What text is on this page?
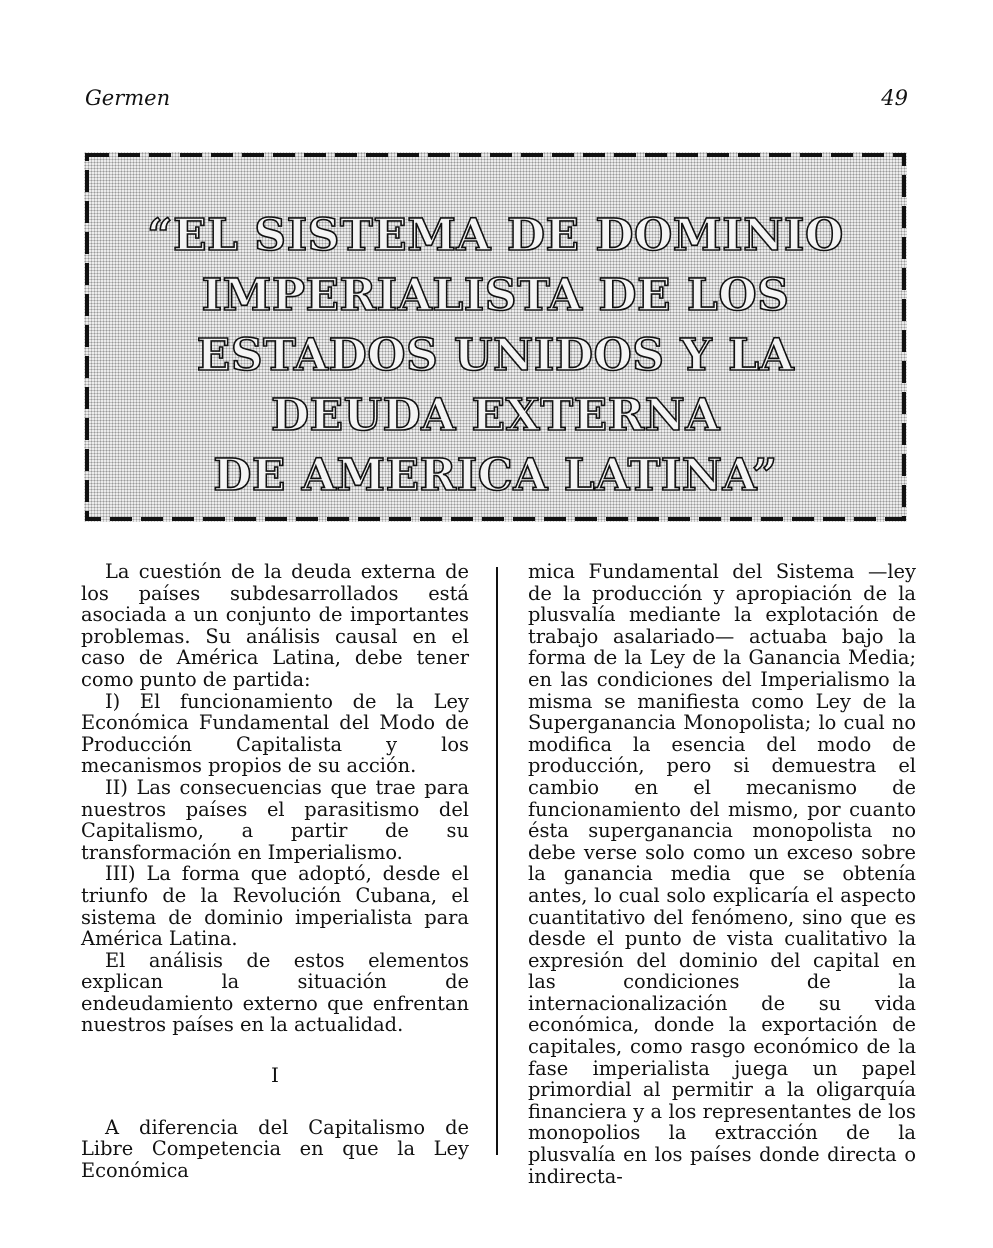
Germen	49
“EL SISTEMA DE DOMINIO
IMPERIALISTA DE LOS
ESTADOS UNIDOS Y LA
DEUDA EXTERNA
DE AMERICA LATINA”

La cuestión de la deuda externa de los países subdesarrollados está asociada a un conjunto de importantes problemas. Su análisis causal en el caso de América Latina, debe tener como punto de partida:

I) El funcionamiento de la Ley Económica Fundamental del Modo de Producción Capitalista y los mecanismos propios de su acción.

II) Las consecuencias que trae para nuestros países el parasitismo del Capitalismo, a partir de su transformación en Imperialismo.

III) La forma que adoptó, desde el triunfo de la Revolución Cubana, el sistema de dominio imperialista para América Latina.

El análisis de estos elementos explican la situación de endeudamiento externo que enfrentan nuestros países en la actualidad.

I

A diferencia del Capitalismo de Libre Competencia en que la Ley Económica

mica Fundamental del Sistema —ley de la producción y apropiación de la plusvalía mediante la explotación de trabajo asalariado— actuaba bajo la forma de la Ley de la Ganancia Media; en las condiciones del Imperialismo la misma se manifiesta como Ley de la Superganancia Monopolista; lo cual no modifica la esencia del modo de producción, pero si demuestra el cambio en el mecanismo de funcionamiento del mismo, por cuanto ésta superganancia monopolista no debe verse solo como un exceso sobre la ganancia media que se obtenía antes, lo cual solo explicaría el aspecto cuantitativo del fenómeno, sino que es desde el punto de vista cualitativo la expresión del dominio del capital en las condiciones de la internacionalización de su vida económica, donde la exportación de capitales, como rasgo económico de la fase imperialista juega un papel primordial al permitir a la oligarquía financiera y a los representantes de los monopolios la extracción de la plusvalía en los países donde directa o indirecta-
